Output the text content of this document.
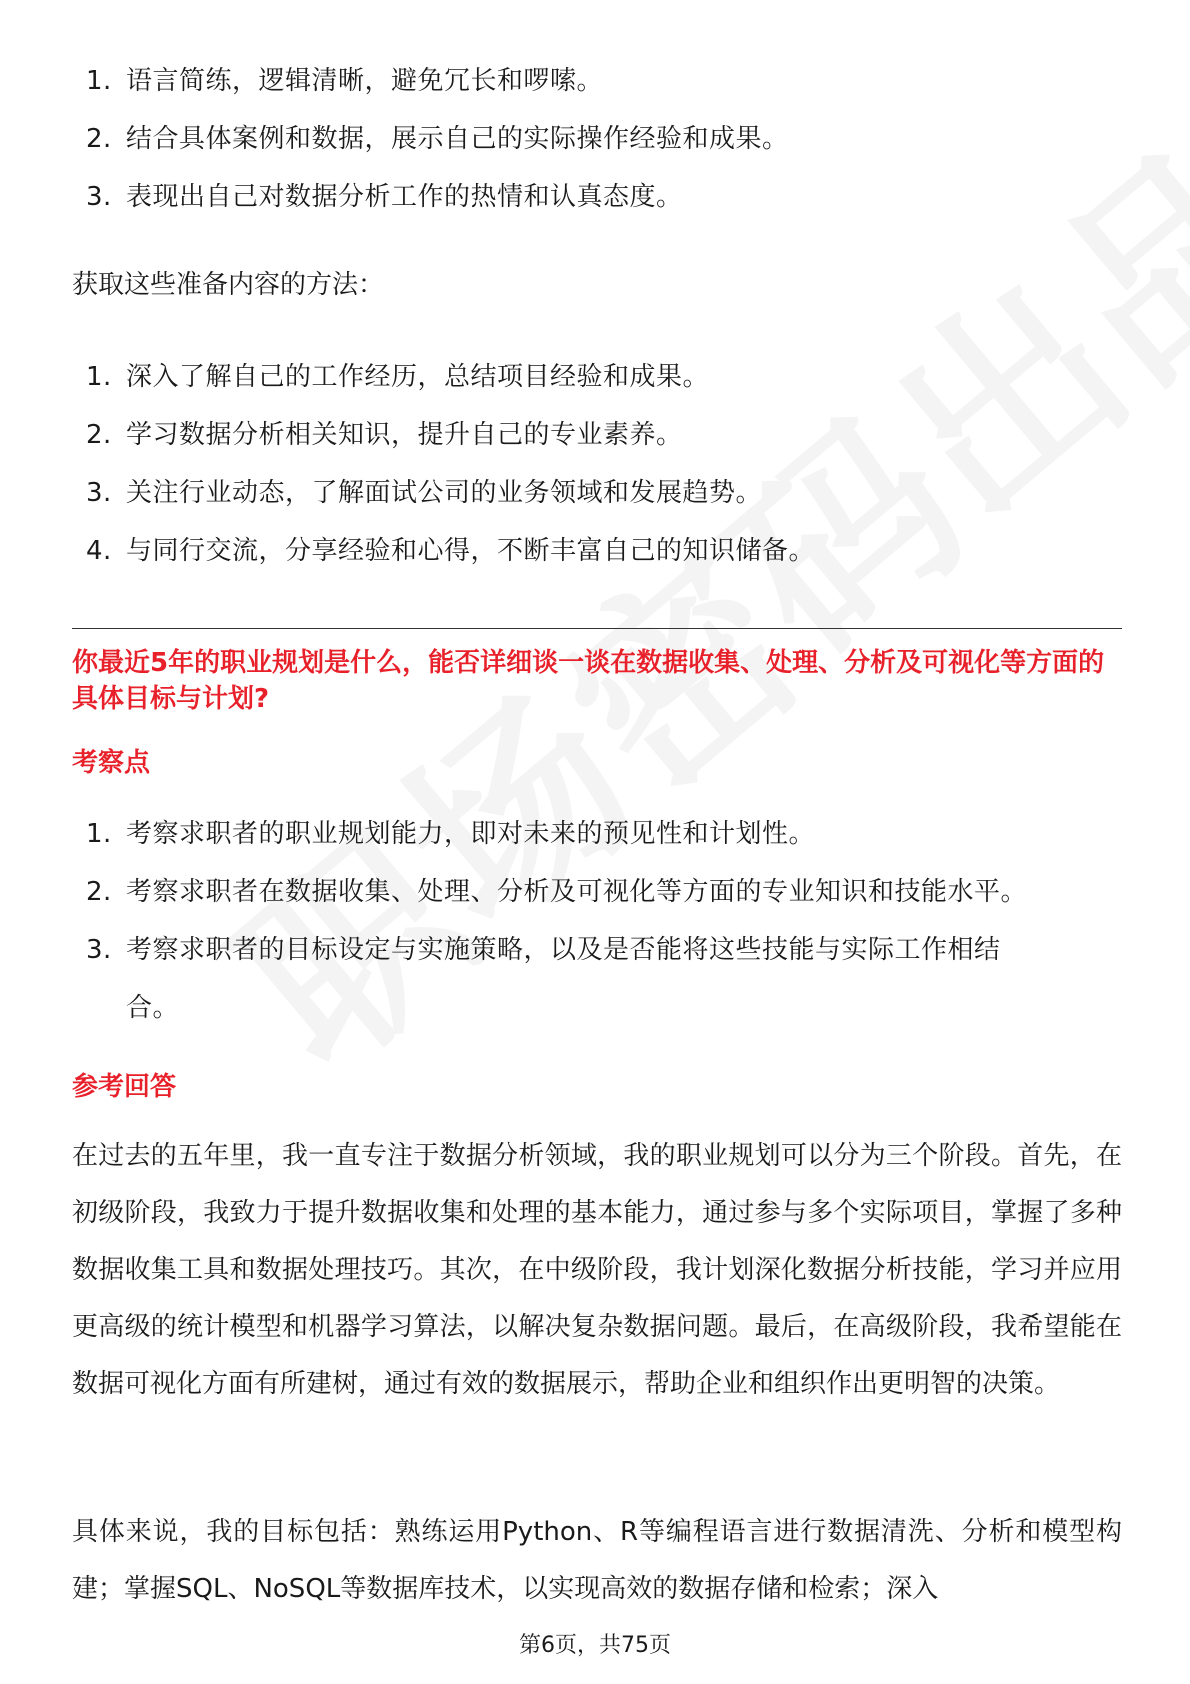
1. 语言简练，逻辑清晰，避免冗长和啰嗦。
2. 结合具体案例和数据，展示自己的实际操作经验和成果。
3. 表现出自己对数据分析工作的热情和认真态度。
获取这些准备内容的方法：
1. 深入了解自己的工作经历，总结项目经验和成果。
2. 学习数据分析相关知识，提升自己的专业素养。
3. 关注行业动态，了解面试公司的业务领域和发展趋势。
4. 与同行交流，分享经验和心得，不断丰富自己的知识储备。
你最近5年的职业规划是什么，能否详细谈一谈在数据收集、处理、分析及可视化等方面的具体目标与计划?
考察点
1. 考察求职者的职业规划能力，即对未来的预见性和计划性。
2. 考察求职者在数据收集、处理、分析及可视化等方面的专业知识和技能水平。
3. 考察求职者的目标设定与实施策略，以及是否能将这些技能与实际工作相结合。
参考回答

在过去的五年里，我一直专注于数据分析领域，我的职业规划可以分为三个阶段。首先，在初级阶段，我致力于提升数据收集和处理的基本能力，通过参与多个实际项目，掌握了多种数据收集工具和数据处理技巧。其次，在中级阶段，我计划深化数据分析技能，学习并应用更高级的统计模型和机器学习算法，以解决复杂数据问题。最后，在高级阶段，我希望能在数据可视化方面有所建树，通过有效的数据展示，帮助企业和组织作出更明智的决策。

具体来说，我的目标包括：熟练运用Python、R等编程语言进行数据清洗、分析和模型构建；掌握SQL、NoSQL等数据库技术，以实现高效的数据存储和检索；深入

第6页，共75页
